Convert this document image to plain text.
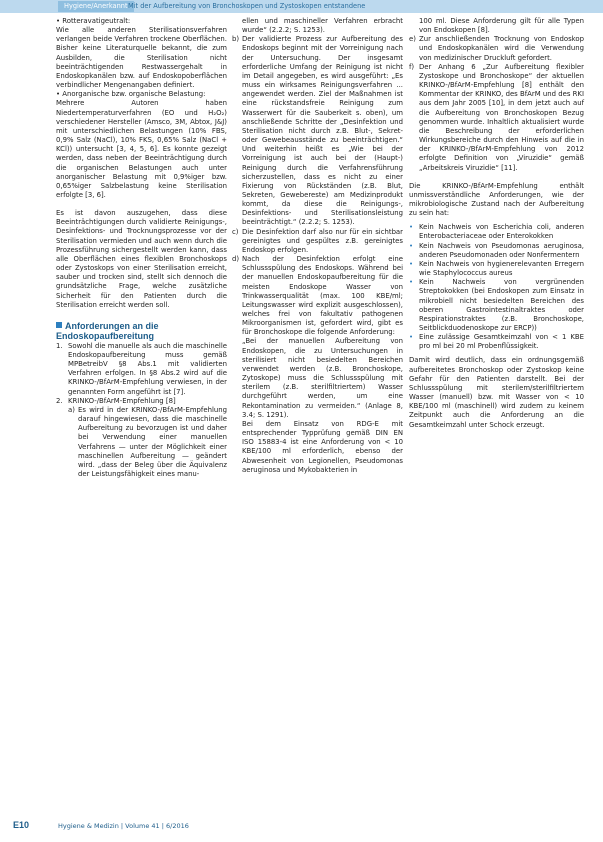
Hygiene/Anerkannt Mit der Aufbereitung von Bronchoskopen und Zystoskopen entstandene

• Rotteravatigeutralt:
Wie alle anderen Sterilisationsverfahren verlangen beide Verfahren trockene Oberflächen. Bisher keine Literaturquelle bekannt, die zum Ausbilden, die Sterilisation nicht beeinträchtigenden Restwassergehalt in Endoskopkanälen bzw. auf Endoskopoberflächen verbindlicher Mengenangaben definiert.

• Anorganische bzw. organische Belastung:
Mehrere Autoren haben Niedertemperaturverfahren (EO und H₂O₂) verschiedener Hersteller (Amsco, 3M, Abtox, J&J) mit unterschiedlichen Belastungen (10% FBS, 0,9% Salz (NaCl), 10% FKS, 0,65% Salz (NaCl + KCl)) untersucht [3, 4, 5, 6]. Es konnte gezeigt werden, dass neben der Beeinträchtigung durch die organischen Belastungen auch unter anorganischer Belastung mit 0,9%iger bzw. 0,65%iger Salzbelastung keine Sterilisation erfolgte [3, 6].

Es ist davon auszugehen, dass diese Beeinträchtigungen durch validierte Reinigungs-, Desinfektions- und Trocknungsprozesse vor der Sterilisation vermieden und auch wenn durch die Prozessführung sichergestellt werden kann, dass alle Oberflächen eines flexiblen Bronchoskops oder Zystoskops von einer Sterilisation erreicht, sauber und trocken sind, stellt sich dennoch die grundsätzliche Frage, welche zusätzliche Sicherheit für den Patienten durch die Sterilisation erreicht werden soll.

Anforderungen an die Endoskopaufbereitung
1. Sowohl die manuelle als auch die maschinelle Endoskopaufbereitung muss gemäß MPBetreibV §8 Abs.1 mit validierten Verfahren erfolgen. In §8 Abs.2 wird auf die KRINKO-/BfArM-Empfehlung verwiesen, in der genannten Form angeführt ist [7].
2. KRINKO-/BfArM-Empfehlung [8]
a) Es wird in der KRINKO-/BfArM-Empfehlung darauf hingewiesen, dass die maschinelle Aufbereitung zu bevorzugen ist und daher bei Verwendung einer manuellen Verfahrens — unter der Möglichkeit einer maschinellen Aufbereitung — geändert wird. „dass der Beleg über die Äquivalenz der Leistungsfähigkeit eines manu-

ellen und maschineller Verfahren erbracht wurde“ (2.2.2; S. 1253).

b) Der validierte Prozess zur Aufbereitung des Endoskops beginnt mit der Vorreinigung nach der Untersuchung. Der insgesamt erforderliche Umfang der Reinigung ist nicht im Detail angegeben, es wird ausgeführt: „Es muss ein wirksames Reinigungsverfahren ... angewendet werden. Ziel der Maßnahmen ist eine rückstandsfreie Reinigung zum Wasserwert für die Sauberkeit s. oben), um anschließende Schritte der „Desinfektion und Sterilisation nicht durch z.B. Blut-, Sekret- oder Gewebeausstände zu beeinträchtigen.“ Und weiterhin heißt es „Wie bei der Vorreinigung ist auch bei der (Haupt-) Reinigung durch die Verfahrensführung sicherzustellen, dass es nicht zu einer Fixierung von Rückständen (z.B. Blut, Sekreten, Gewebereste) am Medizinprodukt kommt, da diese die Reinigungs-, Desinfektions- und Sterilisationsleistung beeinträchtigt.“ (2.2.2; S. 1253).
c) Die Desinfektion darf also nur für ein sichtbar gereinigtes und gespültes z.B. gereinigtes Endoskop erfolgen.
d) Nach der Desinfektion erfolgt eine Schlussspülung des Endoskops. Während bei der manuellen Endoskopaufbereitung für die meisten Endoskope Wasser von Trinkwasserqualität (max. 100 KBE/ml; Leitungswasser wird explizit ausgeschlossen), welches frei von fakultativ pathogenen Mikroorganismen ist, gefordert wird, gibt es für Bronchoskope die folgende Anforderung:
„Bei der manuellen Aufbereitung von Endoskopen, die zu Untersuchungen in sterilisiert nicht besiedelten Bereichen verwendet werden (z.B. Bronchoskope, Zytoskope) muss die Schlussspülung mit sterilem (z.B. sterilfiltriertem) Wasser durchgeführt werden, um eine Rekontamination zu vermeiden.“ (Anlage 8, 3.4; S. 1291).
Bei dem Einsatz von RDG-E mit entsprechender Typprüfung gemäß DIN EN ISO 15883-4 ist eine Anforderung von < 10 KBE/100 ml erforderlich, ebenso der Abwesenheit von Legionellen, Pseudomonas aeruginosa und Mykobakterien in

100 ml. Diese Anforderung gilt für alle Typen von Endoskopen [8].

e) Zur anschließenden Trocknung von Endoskop und Endoskopkanälen wird die Verwendung von medizinischer Druckluft gefordert.
f) Der Anhang 6 „Zur Aufbereitung flexibler Zystoskope und Bronchoskope“ der aktuellen KRINKO-/BfArM-Empfehlung [8] enthält den Kommentar der KRINKO, des BfArM und des RKI aus dem Jahr 2005 [10], in dem jetzt auch auf die Aufbereitung von Bronchoskopen Bezug genommen wurde. Inhaltlich aktualisiert wurde die Beschreibung der erforderlichen Wirkungsbereiche durch den Hinweis auf die in der KRINKO-/BfArM-Empfehlung von 2012 erfolgte Definition von „Viruzidie“ gemäß „Arbeitskreis Viruzidie“ [11].

Die KRINKO-/BfArM-Empfehlung enthält unmissverständliche Anforderungen, wie der mikrobiologische Zustand nach der Aufbereitung zu sein hat:

• Kein Nachweis von Escherichia coli, anderen Enterobacteriaceae oder Enterokokken
• Kein Nachweis von Pseudomonas aeruginosa, anderen Pseudomonaden oder Nonfermentern
• Kein Nachweis von hygienerelevanten Erregern wie Staphylococcus aureus
• Kein Nachweis von vergrünenden Streptokokken (bei Endoskopen zum Einsatz in mikrobiell nicht besiedelten Bereichen des oberen Gastrointestinaltraktes oder Respirationstraktes (z.B. Bronchoskope, Seitblickduodenoskope zur ERCP))
• Eine zulässige Gesamtkeimzahl von < 1 KBE pro ml bei 20 ml Probenflüssigkeit.

Damit wird deutlich, dass ein ordnungsgemäß aufbereitetes Bronchoskop oder Zystoskop keine Gefahr für den Patienten darstellt. Bei der Schlussspülung mit sterilem/sterilfiltriertem Wasser (manuell) bzw. mit Wasser von < 10 KBE/100 ml (maschinell) wird zudem zu keinem Zeitpunkt auch die Anforderung an die Gesamtkeimzahl unter Schock erzeugt.

E10	Hygiene & Medizin | Volume 41 | 6/2016
